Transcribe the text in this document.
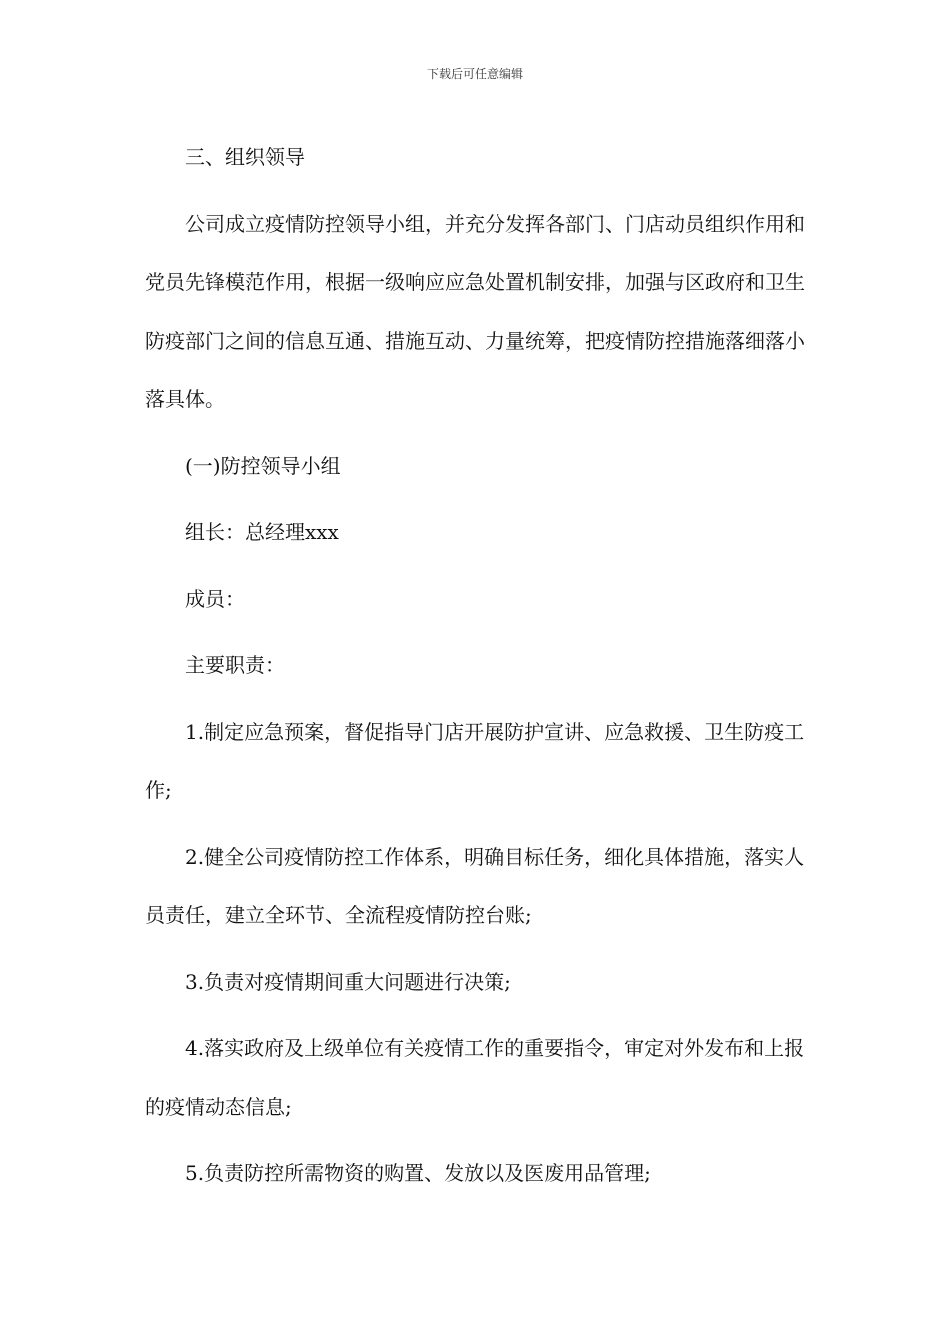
下载后可任意编辑

三、组织领导

公司成立疫情防控领导小组，并充分发挥各部门、门店动员组织作用和党员先锋模范作用，根据一级响应应急处置机制安排，加强与区政府和卫生防疫部门之间的信息互通、措施互动、力量统筹，把疫情防控措施落细落小落具体。

(一)防控领导小组

组长：总经理xxx

成员：

主要职责：

1.制定应急预案，督促指导门店开展防护宣讲、应急救援、卫生防疫工作;

2.健全公司疫情防控工作体系，明确目标任务，细化具体措施，落实人员责任，建立全环节、全流程疫情防控台账;

3.负责对疫情期间重大问题进行决策;

4.落实政府及上级单位有关疫情工作的重要指令，审定对外发布和上报的疫情动态信息;

5.负责防控所需物资的购置、发放以及医废用品管理;
